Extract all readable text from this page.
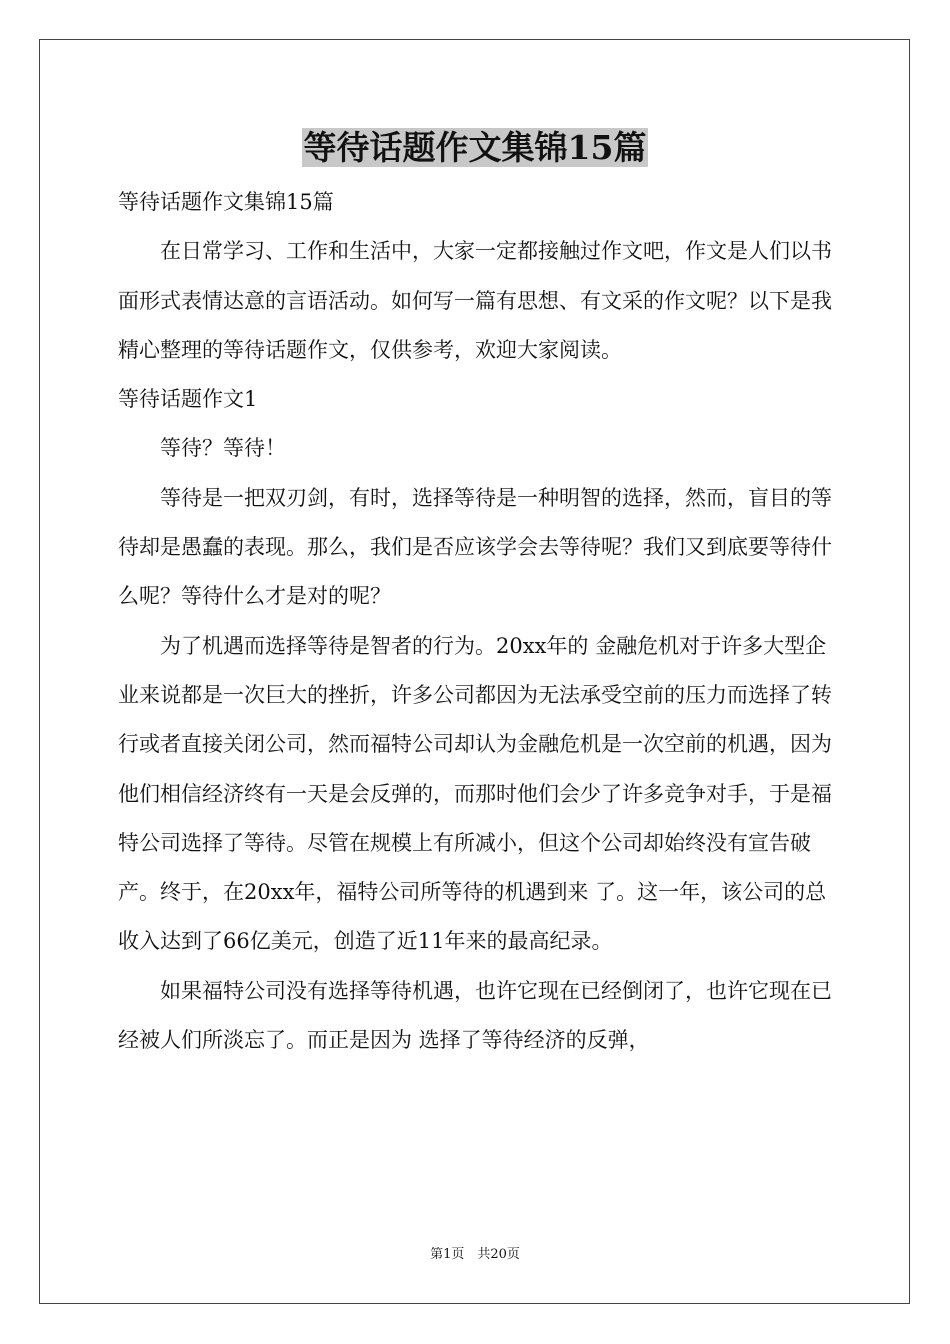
等待话题作文集锦15篇

等待话题作文集锦15篇

在日常学习、工作和生活中，大家一定都接触过作文吧，作文是人们以书面形式表情达意的言语活动。如何写一篇有思想、有文采的作文呢？以下是我精心整理的等待话题作文，仅供参考，欢迎大家阅读。

等待话题作文1

等待？等待！

等待是一把双刃剑，有时，选择等待是一种明智的选择，然而，盲目的等待却是愚蠢的表现。那么，我们是否应该学会去等待呢？我们又到底要等待什么呢？等待什么才是对的呢？

为了机遇而选择等待是智者的行为。20xx年的 金融危机对于许多大型企业来说都是一次巨大的挫折，许多公司都因为无法承受空前的压力而选择了转行或者直接关闭公司，然而福特公司却认为金融危机是一次空前的机遇，因为他们相信经济终有一天是会反弹的，而那时他们会少了许多竞争对手，于是福特公司选择了等待。尽管在规模上有所减小，但这个公司却始终没有宣告破产。终于，在20xx年，福特公司所等待的机遇到来 了。这一年，该公司的总收入达到了66亿美元，创造了近11年来的最高纪录。

如果福特公司没有选择等待机遇，也许它现在已经倒闭了，也许它现在已经被人们所淡忘了。而正是因为 选择了等待经济的反弹，

第1页　共20页
